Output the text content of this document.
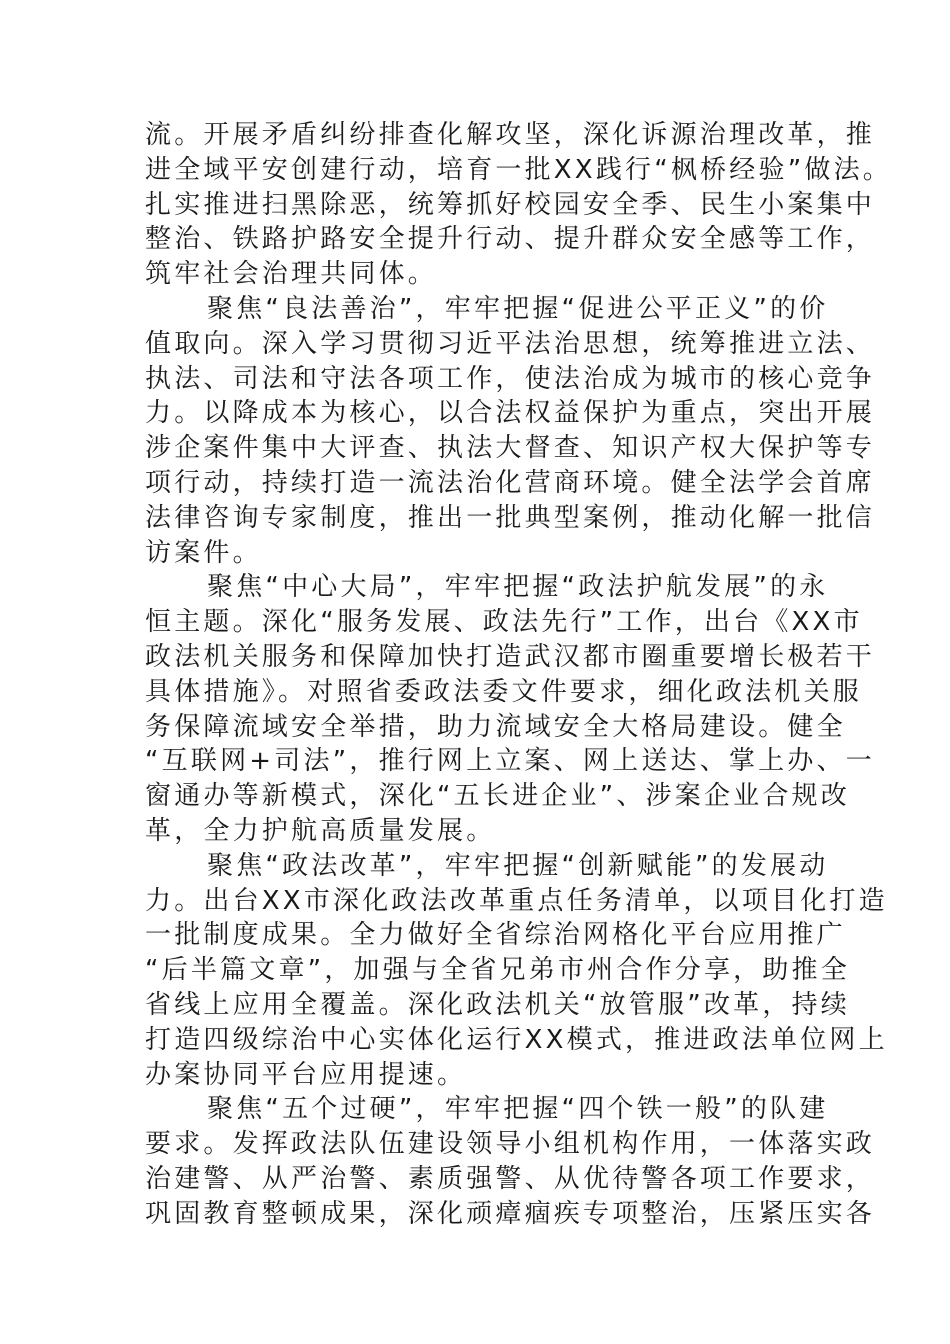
流。开展矛盾纠纷排查化解攻坚，深化诉源治理改革，推
进全域平安创建行动，培育一批XX践行“枫桥经验”做法。
扎实推进扫黑除恶，统筹抓好校园安全季、民生小案集中
整治、铁路护路安全提升行动、提升群众安全感等工作，
筑牢社会治理共同体。
聚焦“良法善治”，牢牢把握“促进公平正义”的价
值取向。深入学习贯彻习近平法治思想，统筹推进立法、
执法、司法和守法各项工作，使法治成为城市的核心竞争
力。以降成本为核心，以合法权益保护为重点，突出开展
涉企案件集中大评查、执法大督查、知识产权大保护等专
项行动，持续打造一流法治化营商环境。健全法学会首席
法律咨询专家制度，推出一批典型案例，推动化解一批信
访案件。
聚焦“中心大局”，牢牢把握“政法护航发展”的永
恒主题。深化“服务发展、政法先行”工作，出台《XX市
政法机关服务和保障加快打造武汉都市圈重要增长极若干
具体措施》。对照省委政法委文件要求，细化政法机关服
务保障流域安全举措，助力流域安全大格局建设。健全
“互联网+司法”，推行网上立案、网上送达、掌上办、一
窗通办等新模式，深化“五长进企业”、涉案企业合规改
革，全力护航高质量发展。
聚焦“政法改革”，牢牢把握“创新赋能”的发展动
力。出台XX市深化政法改革重点任务清单，以项目化打造
一批制度成果。全力做好全省综治网格化平台应用推广
“后半篇文章”，加强与全省兄弟市州合作分享，助推全
省线上应用全覆盖。深化政法机关“放管服”改革，持续
打造四级综治中心实体化运行XX模式，推进政法单位网上
办案协同平台应用提速。
聚焦“五个过硬”，牢牢把握“四个铁一般”的队建
要求。发挥政法队伍建设领导小组机构作用，一体落实政
治建警、从严治警、素质强警、从优待警各项工作要求，
巩固教育整顿成果，深化顽瘴痼疾专项整治，压紧压实各
